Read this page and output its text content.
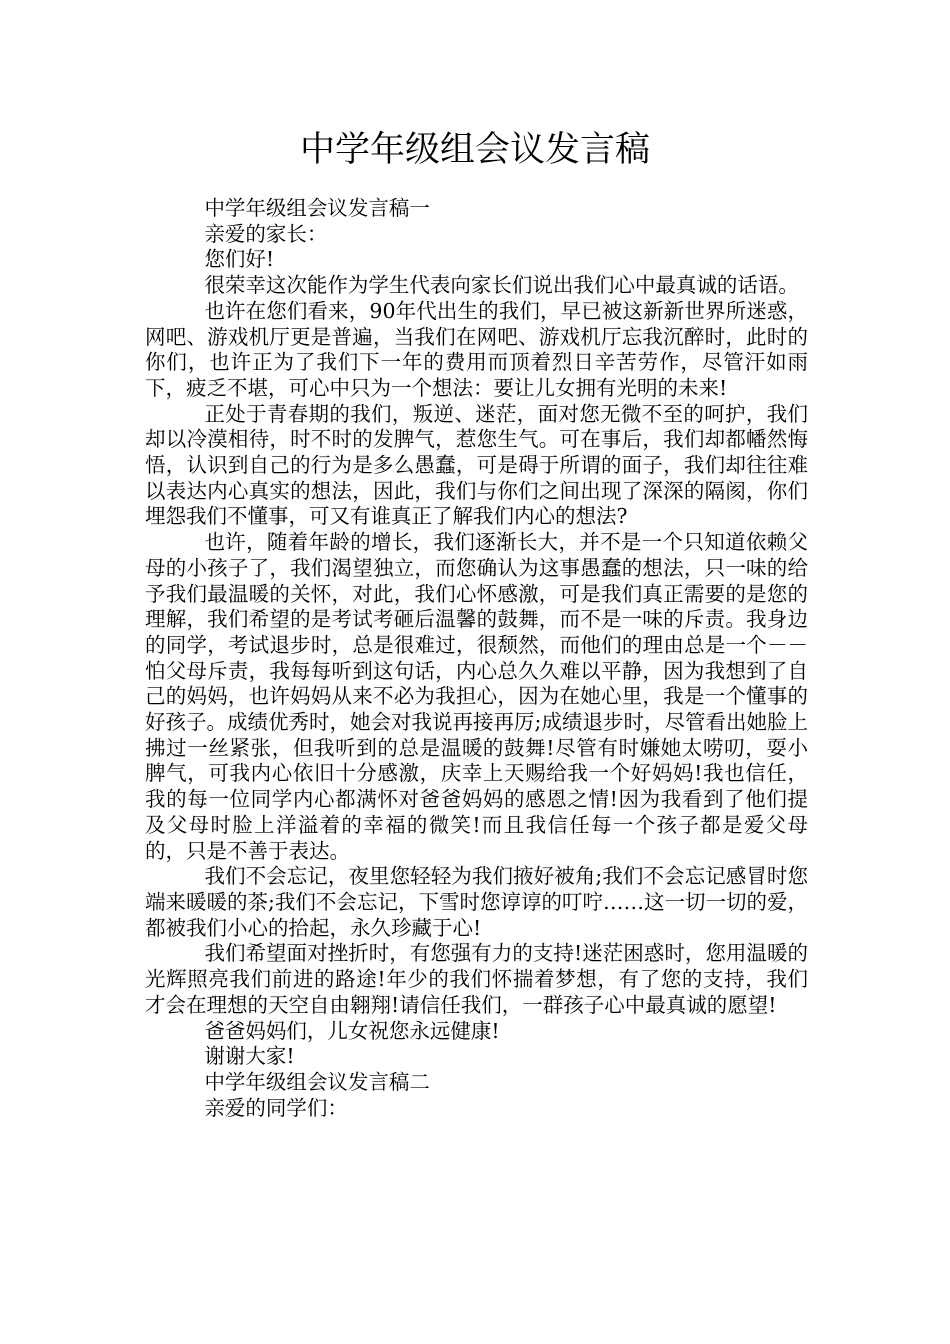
中学年级组会议发言稿

中学年级组会议发言稿一

亲爱的家长：

您们好!

很荣幸这次能作为学生代表向家长们说出我们心中最真诚的话语。

也许在您们看来，90年代出生的我们，早已被这新新世界所迷惑，网吧、游戏机厅更是普遍，当我们在网吧、游戏机厅忘我沉醉时，此时的你们，也许正为了我们下一年的费用而顶着烈日辛苦劳作，尽管汗如雨下，疲乏不堪，可心中只为一个想法：要让儿女拥有光明的未来!

正处于青春期的我们，叛逆、迷茫，面对您无微不至的呵护，我们却以冷漠相待，时不时的发脾气，惹您生气。可在事后，我们却都幡然悔悟，认识到自己的行为是多么愚蠢，可是碍于所谓的面子，我们却往往难以表达内心真实的想法，因此，我们与你们之间出现了深深的隔阂，你们埋怨我们不懂事，可又有谁真正了解我们内心的想法?

也许，随着年龄的增长，我们逐渐长大，并不是一个只知道依赖父母的小孩子了，我们渴望独立，而您确认为这事愚蠢的想法，只一味的给予我们最温暖的关怀，对此，我们心怀感激，可是我们真正需要的是您的理解，我们希望的是考试考砸后温馨的鼓舞，而不是一味的斥责。我身边的同学，考试退步时，总是很难过，很颓然，而他们的理由总是一个－－怕父母斥责，我每每听到这句话，内心总久久难以平静，因为我想到了自己的妈妈，也许妈妈从来不必为我担心，因为在她心里，我是一个懂事的好孩子。成绩优秀时，她会对我说再接再厉;成绩退步时，尽管看出她脸上拂过一丝紧张，但我听到的总是温暖的鼓舞!尽管有时嫌她太唠叨，耍小脾气，可我内心依旧十分感激，庆幸上天赐给我一个好妈妈!我也信任，我的每一位同学内心都满怀对爸爸妈妈的感恩之情!因为我看到了他们提及父母时脸上洋溢着的幸福的微笑!而且我信任每一个孩子都是爱父母的，只是不善于表达。

我们不会忘记，夜里您轻轻为我们掖好被角;我们不会忘记感冒时您端来暖暖的茶;我们不会忘记，下雪时您谆谆的叮咛……这一切一切的爱，都被我们小心的拾起，永久珍藏于心!

我们希望面对挫折时，有您强有力的支持!迷茫困惑时，您用温暖的光辉照亮我们前进的路途!年少的我们怀揣着梦想，有了您的支持，我们才会在理想的天空自由翱翔!请信任我们，一群孩子心中最真诚的愿望!

爸爸妈妈们，儿女祝您永远健康!

谢谢大家!

中学年级组会议发言稿二

亲爱的同学们：
